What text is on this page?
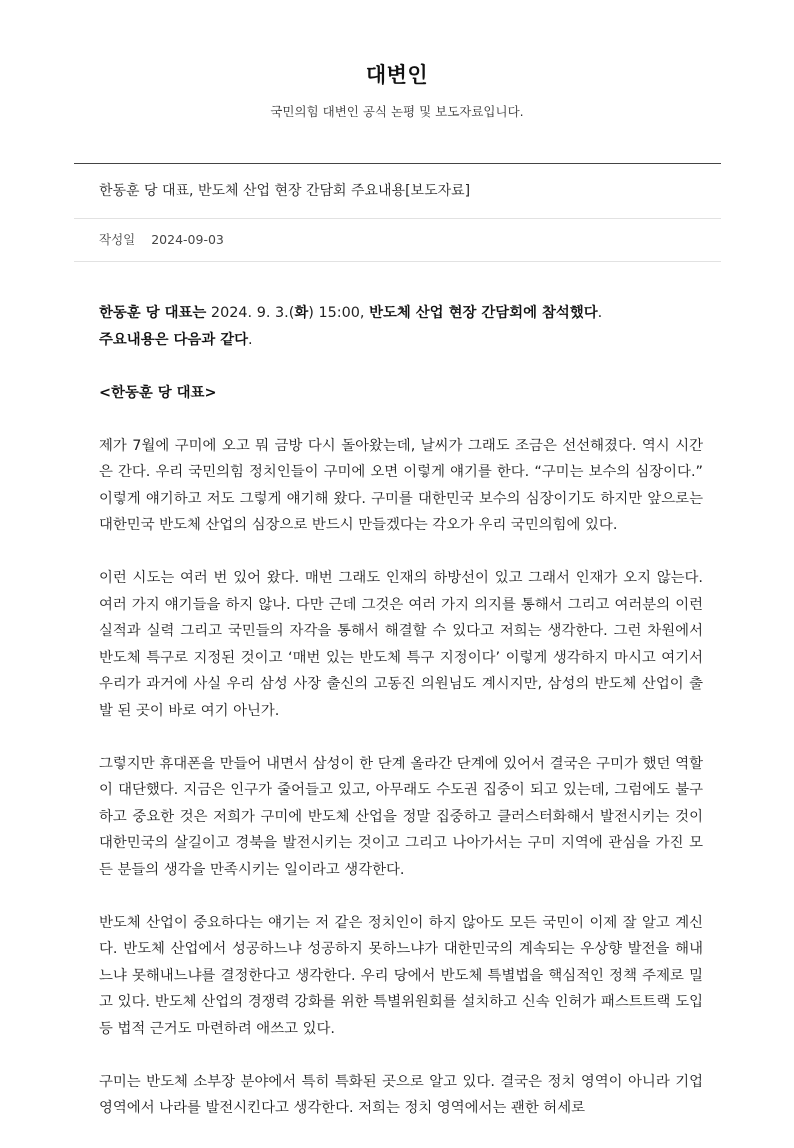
대변인
국민의힘 대변인 공식 논평 및 보도자료입니다.
한동훈 당 대표, 반도체 산업 현장 간담회 주요내용[보도자료]
작성일 2024-09-03

한동훈 당 대표는 2024. 9. 3.(화) 15:00, 반도체 산업 현장 간담회에 참석했다.
주요내용은 다음과 같다.

<한동훈 당 대표>

제가 7월에 구미에 오고 뭐 금방 다시 돌아왔는데, 날씨가 그래도 조금은 선선해졌다. 역시 시간은 간다. 우리 국민의힘 정치인들이 구미에 오면 이렇게 얘기를 한다. “구미는 보수의 심장이다.” 이렇게 얘기하고 저도 그렇게 얘기해 왔다. 구미를 대한민국 보수의 심장이기도 하지만 앞으로는 대한민국 반도체 산업의 심장으로 반드시 만들겠다는 각오가 우리 국민의힘에 있다.

이런 시도는 여러 번 있어 왔다. 매번 그래도 인재의 하방선이 있고 그래서 인재가 오지 않는다. 여러 가지 얘기들을 하지 않나. 다만 근데 그것은 여러 가지 의지를 통해서 그리고 여러분의 이런 실적과 실력 그리고 국민들의 자각을 통해서 해결할 수 있다고 저희는 생각한다. 그런 차원에서 반도체 특구로 지정된 것이고 ‘매번 있는 반도체 특구 지정이다’ 이렇게 생각하지 마시고 여기서 우리가 과거에 사실 우리 삼성 사장 출신의 고동진 의원님도 계시지만, 삼성의 반도체 산업이 출발 된 곳이 바로 여기 아닌가.

그렇지만 휴대폰을 만들어 내면서 삼성이 한 단계 올라간 단계에 있어서 결국은 구미가 했던 역할이 대단했다. 지금은 인구가 줄어들고 있고, 아무래도 수도권 집중이 되고 있는데, 그럼에도 불구하고 중요한 것은 저희가 구미에 반도체 산업을 정말 집중하고 클러스터화해서 발전시키는 것이 대한민국의 살길이고 경북을 발전시키는 것이고 그리고 나아가서는 구미 지역에 관심을 가진 모든 분들의 생각을 만족시키는 일이라고 생각한다.

반도체 산업이 중요하다는 얘기는 저 같은 정치인이 하지 않아도 모든 국민이 이제 잘 알고 계신다. 반도체 산업에서 성공하느냐 성공하지 못하느냐가 대한민국의 계속되는 우상향 발전을 해내느냐 못해내느냐를 결정한다고 생각한다. 우리 당에서 반도체 특별법을 핵심적인 정책 주제로 밀고 있다. 반도체 산업의 경쟁력 강화를 위한 특별위원회를 설치하고 신속 인허가 패스트트랙 도입 등 법적 근거도 마련하려 애쓰고 있다.

구미는 반도체 소부장 분야에서 특히 특화된 곳으로 알고 있다. 결국은 정치 영역이 아니라 기업 영역에서 나라를 발전시킨다고 생각한다. 저희는 정치 영역에서는 괜한 허세로
